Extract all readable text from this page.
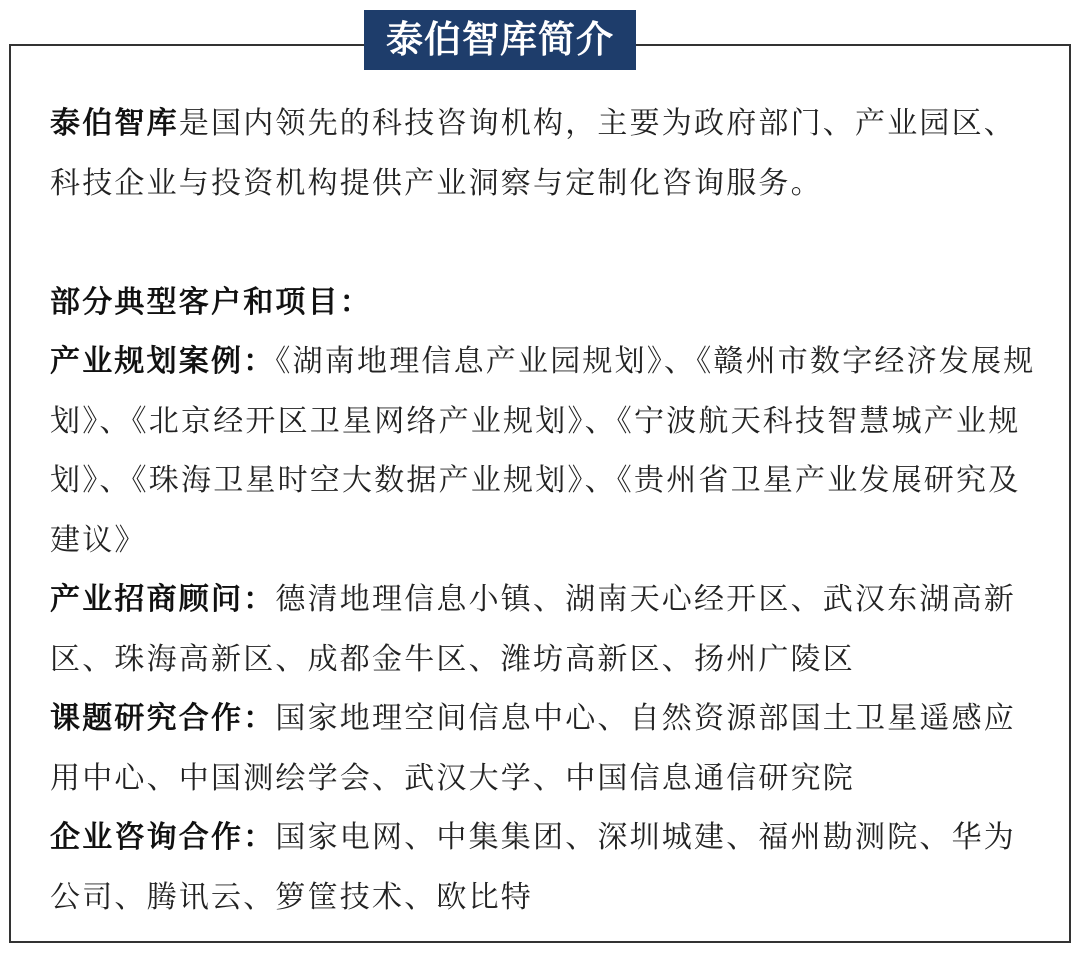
泰伯智库简介

泰伯智库是国内领先的科技咨询机构，主要为政府部门、产业园区、科技企业与投资机构提供产业洞察与定制化咨询服务。

部分典型客户和项目：

产业规划案例：《湖南地理信息产业园规划》、《赣州市数字经济发展规划》、《北京经开区卫星网络产业规划》、《宁波航天科技智慧城产业规划》、《珠海卫星时空大数据产业规划》、《贵州省卫星产业发展研究及建议》

产业招商顾问：德清地理信息小镇、湖南天心经开区、武汉东湖高新区、珠海高新区、成都金牛区、潍坊高新区、扬州广陵区

课题研究合作：国家地理空间信息中心、自然资源部国土卫星遥感应用中心、中国测绘学会、武汉大学、中国信息通信研究院

企业咨询合作：国家电网、中集集团、深圳城建、福州勘测院、华为公司、腾讯云、箩筐技术、欧比特
